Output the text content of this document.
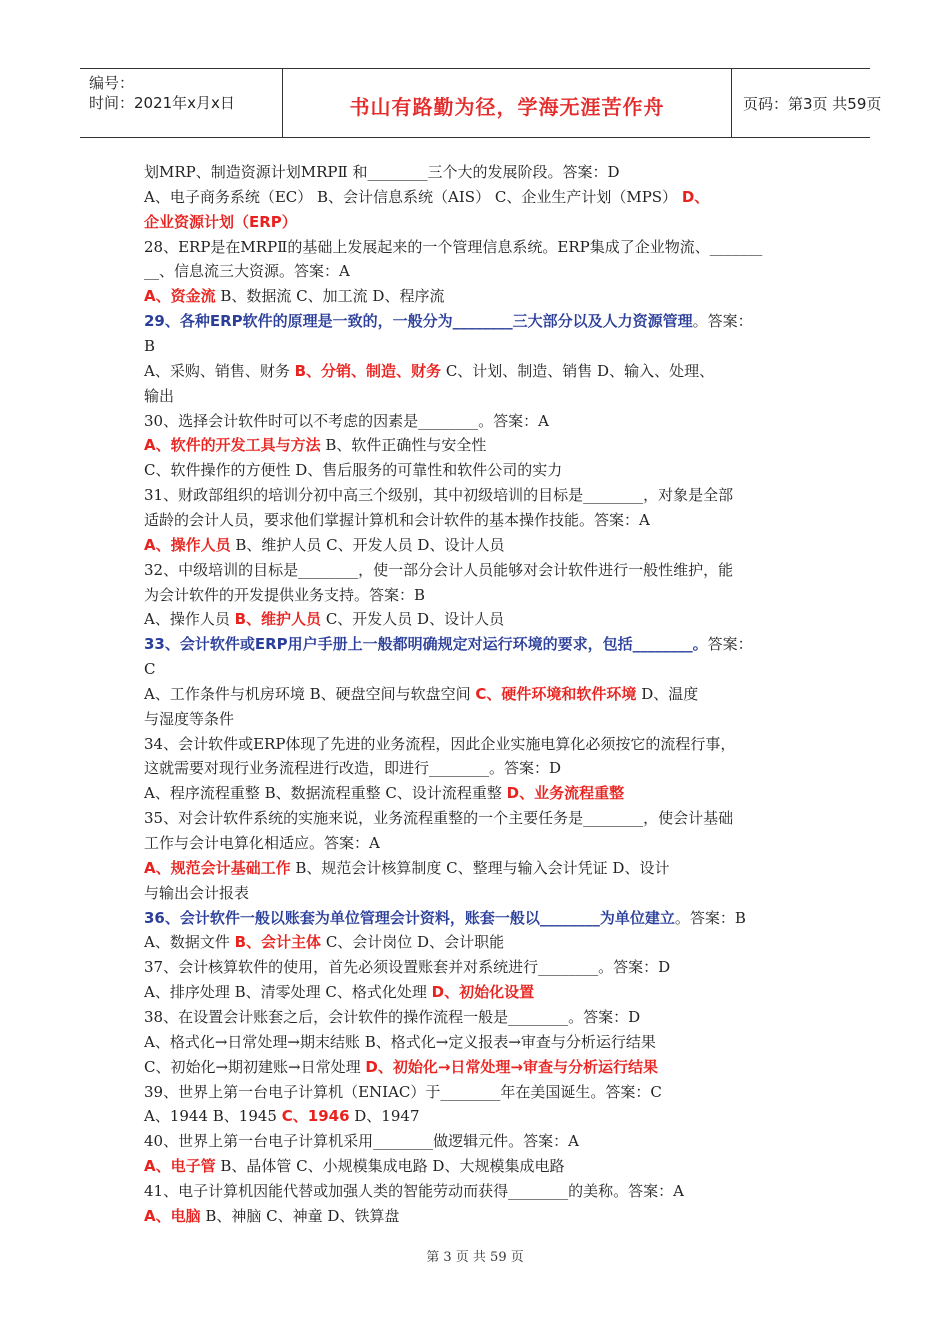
编号：
时间：2021年x月x日	书山有路勤为径，学海无涯苦作舟	页码：第3页 共59页
划MRP、制造资源计划MRPⅡ 和________三个大的发展阶段。答案：D
A、电子商务系统（EC） B、会计信息系统（AIS） C、企业生产计划（MPS） D、
企业资源计划（ERP）
28、ERP是在MRPⅡ的基础上发展起来的一个管理信息系统。ERP集成了企业物流、_______
__、信息流三大资源。答案：A
A、资金流 B、数据流 C、加工流 D、程序流
29、各种ERP软件的原理是一致的，一般分为________三大部分以及人力资源管理。答案：
B
A、采购、销售、财务 B、分销、制造、财务 C、计划、制造、销售 D、输入、处理、
输出
30、选择会计软件时可以不考虑的因素是________。答案：A
A、软件的开发工具与方法 B、软件正确性与安全性
C、软件操作的方便性 D、售后服务的可靠性和软件公司的实力
31、财政部组织的培训分初中高三个级别，其中初级培训的目标是________，对象是全部
适龄的会计人员，要求他们掌握计算机和会计软件的基本操作技能。答案：A
A、操作人员 B、维护人员 C、开发人员 D、设计人员
32、中级培训的目标是________，使一部分会计人员能够对会计软件进行一般性维护，能
为会计软件的开发提供业务支持。答案：B
A、操作人员 B、维护人员 C、开发人员 D、设计人员
33、会计软件或ERP用户手册上一般都明确规定对运行环境的要求，包括________。答案：
C
A、工作条件与机房环境 B、硬盘空间与软盘空间 C、硬件环境和软件环境 D、温度
与湿度等条件
34、会计软件或ERP体现了先进的业务流程，因此企业实施电算化必须按它的流程行事，
这就需要对现行业务流程进行改造，即进行________。答案：D
A、程序流程重整 B、数据流程重整 C、设计流程重整 D、业务流程重整
35、对会计软件系统的实施来说，业务流程重整的一个主要任务是________，使会计基础
工作与会计电算化相适应。答案：A
A、规范会计基础工作 B、规范会计核算制度 C、整理与输入会计凭证 D、设计
与输出会计报表
36、会计软件一般以账套为单位管理会计资料，账套一般以________为单位建立。答案：B
A、数据文件 B、会计主体 C、会计岗位 D、会计职能
37、会计核算软件的使用，首先必须设置账套并对系统进行________。答案：D
A、排序处理 B、清零处理 C、格式化处理 D、初始化设置
38、在设置会计账套之后，会计软件的操作流程一般是________。答案：D
A、格式化→日常处理→期末结账 B、格式化→定义报表→审查与分析运行结果
C、初始化→期初建账→日常处理 D、初始化→日常处理→审查与分析运行结果
39、世界上第一台电子计算机（ENIAC）于________年在美国诞生。答案：C
A、1944 B、1945 C、1946 D、1947
40、世界上第一台电子计算机采用________做逻辑元件。答案：A
A、电子管 B、晶体管 C、小规模集成电路 D、大规模集成电路
41、电子计算机因能代替或加强人类的智能劳动而获得________的美称。答案：A
A、电脑 B、神脑 C、神童 D、铁算盘
第 3 页 共 59 页
